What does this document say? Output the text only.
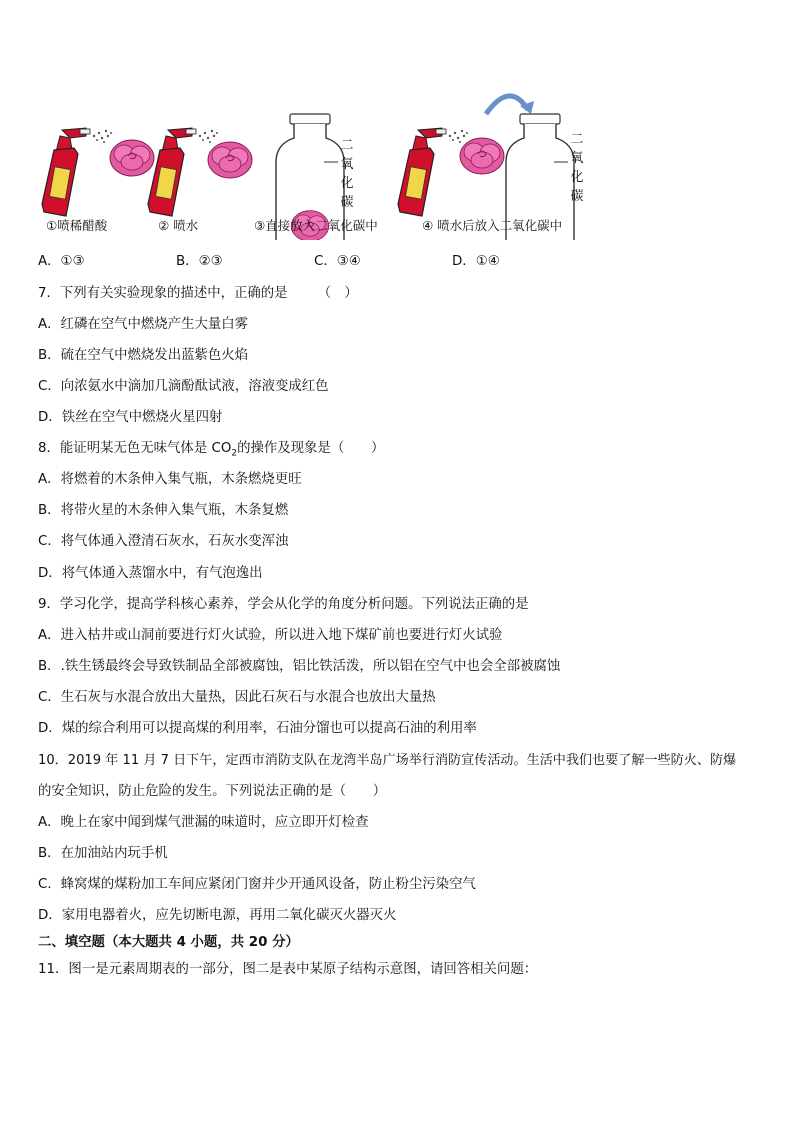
二
氧
化
碳
二
氧
化
碳
①喷稀醋酸	② 喷水	③直接放入二氧化碳中	④ 喷水后放入二氧化碳中
A．①③	B．②③	C．③④	D．①④
7．下列有关实验现象的描述中，正确的是 （　）
A．红磷在空气中燃烧产生大量白雾
B．硫在空气中燃烧发出蓝紫色火焰
C．向浓氨水中滴加几滴酚酞试液，溶液变成红色
D．铁丝在空气中燃烧火星四射
8．能证明某无色无味气体是 $CO_2$的操作及现象是（　　）
A．将燃着的木条伸入集气瓶，木条燃烧更旺
B．将带火星的木条伸入集气瓶，木条复燃
C．将气体通入澄清石灰水，石灰水变浑浊
D．将气体通入蒸馏水中，有气泡逸出
9．学习化学，提高学科核心素养，学会从化学的角度分析问题。下列说法正确的是
A．进入枯井或山洞前要进行灯火试验，所以进入地下煤矿前也要进行灯火试验
B．.铁生锈最终会导致铁制品全部被腐蚀，铝比铁活泼，所以铝在空气中也会全部被腐蚀
C．生石灰与水混合放出大量热，因此石灰石与水混合也放出大量热
D．煤的综合利用可以提高煤的利用率，石油分馏也可以提高石油的利用率
10．2019 年 11 月 7 日下午，定西市消防支队在龙湾半岛广场举行消防宣传活动。生活中我们也要了解一些防火、防爆
的安全知识，防止危险的发生。下列说法正确的是（　　）
A．晚上在家中闻到煤气泄漏的味道时，应立即开灯检查
B．在加油站内玩手机
C．蜂窝煤的煤粉加工车间应紧闭门窗并少开通风设备，防止粉尘污染空气
D．家用电器着火，应先切断电源，再用二氧化碳灭火器灭火
二、填空题（本大题共 4 小题，共 20 分）
11．图一是元素周期表的一部分，图二是表中某原子结构示意图，请回答相关问题：
